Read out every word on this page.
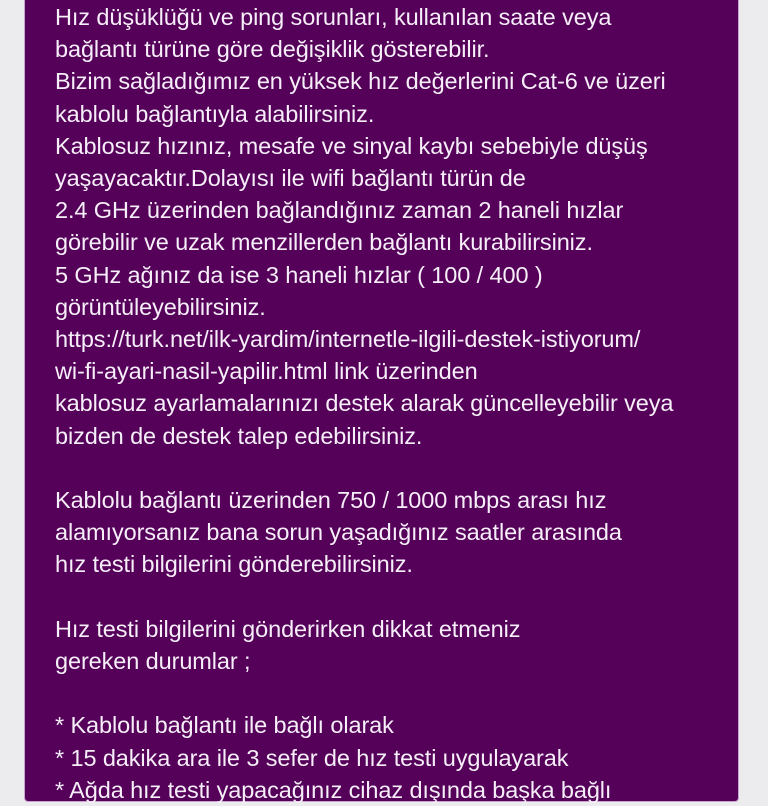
Hız düşüklüğü ve ping sorunları, kullanılan saate veya
bağlantı türüne göre değişiklik gösterebilir.
Bizim sağladığımız en yüksek hız değerlerini Cat-6 ve üzeri
kablolu bağlantıyla alabilirsiniz.
Kablosuz hızınız, mesafe ve sinyal kaybı sebebiyle düşüş
yaşayacaktır.Dolayısı ile wifi bağlantı türün de
2.4 GHz üzerinden bağlandığınız zaman 2 haneli hızlar
görebilir ve uzak menzillerden bağlantı kurabilirsiniz.
5 GHz ağınız da ise 3 haneli hızlar ( 100 / 400 )
görüntüleyebilirsiniz.
https://turk.net/ilk-yardim/internetle-ilgili-destek-istiyorum/
wi-fi-ayari-nasil-yapilir.html link üzerinden
kablosuz ayarlamalarınızı destek alarak güncelleyebilir veya
bizden de destek talep edebilirsiniz.
Kablolu bağlantı üzerinden 750 / 1000 mbps arası hız
alamıyorsanız bana sorun yaşadığınız saatler arasında
hız testi bilgilerini gönderebilirsiniz.
Hız testi bilgilerini gönderirken dikkat etmeniz
gereken durumlar ;
* Kablolu bağlantı ile bağlı olarak
* 15 dakika ara ile 3 sefer de hız testi uygulayarak
* Ağda hız testi yapacağınız cihaz dışında başka bağlı
